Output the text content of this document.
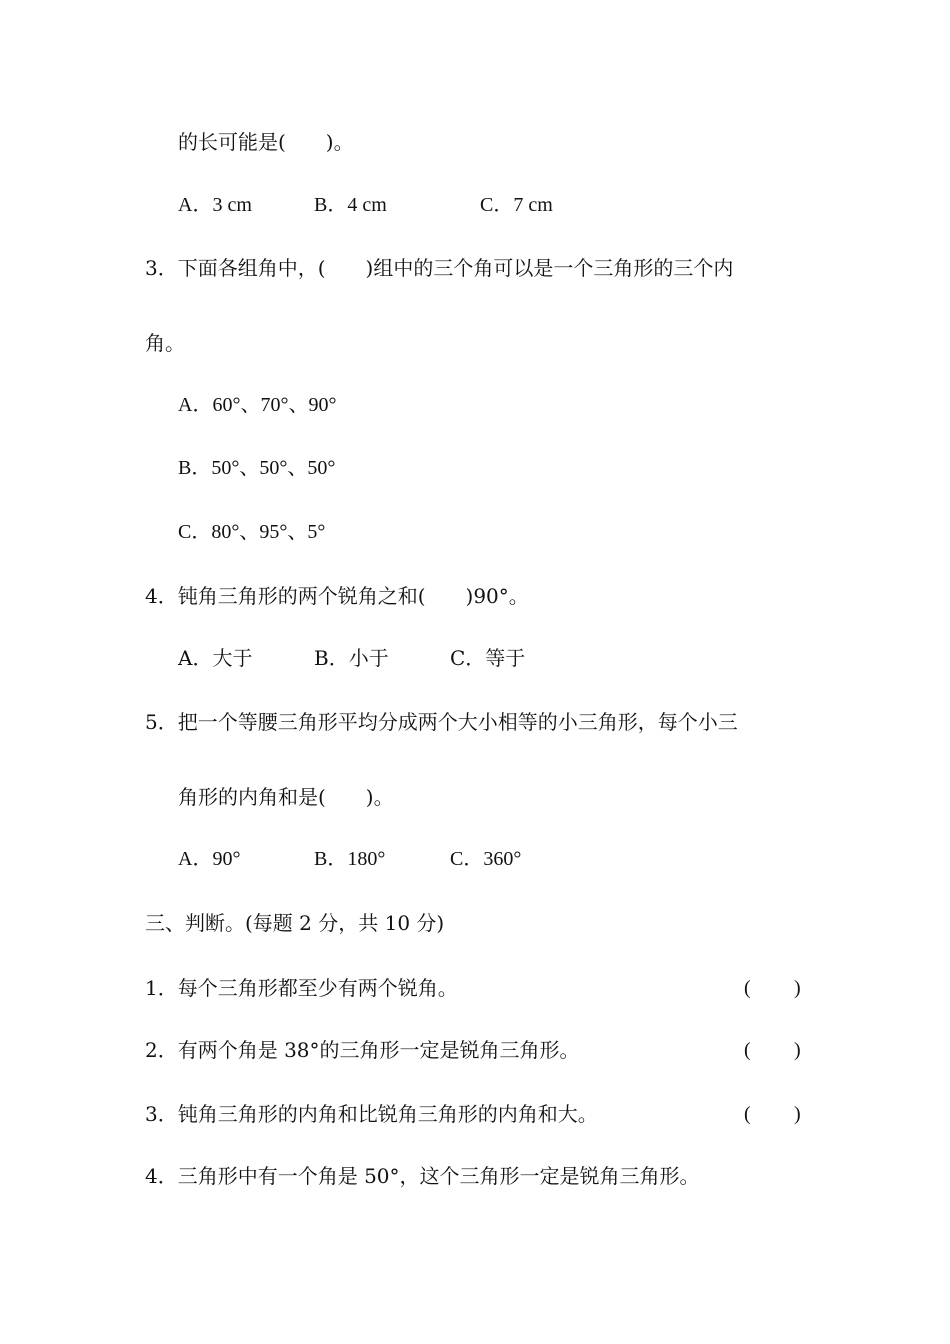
的长可能是(　　)。
A．3 cm	B．4 cm	C．7 cm
3．下面各组角中，(　　)组中的三个角可以是一个三角形的三个内
角。
A．60°、70°、90°
B．50°、50°、50°
C．80°、95°、5°
4．钝角三角形的两个锐角之和(　　)90°。
A．大于	B．小于	C．等于
5．把一个等腰三角形平均分成两个大小相等的小三角形，每个小三
角形的内角和是(　　)。
A．90°	B．180°	C．360°
三、判断。(每题 2 分，共 10 分)
1．每个三角形都至少有两个锐角。	( )
2．有两个角是 38°的三角形一定是锐角三角形。	( )
3．钝角三角形的内角和比锐角三角形的内角和大。	( )
4．三角形中有一个角是 50°，这个三角形一定是锐角三角形。
